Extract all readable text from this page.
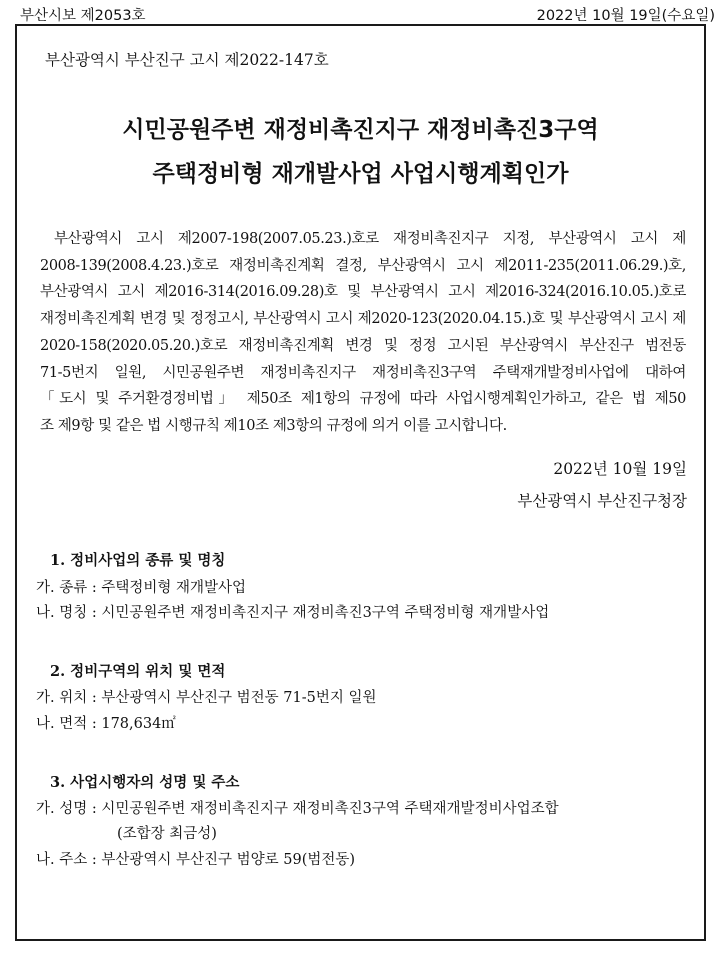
부산시보 제2053호	2022년 10월 19일(수요일)
부산광역시 부산진구 고시 제2022-147호
시민공원주변 재정비촉진지구 재정비촉진3구역
주택정비형 재개발사업 사업시행계획인가
부산광역시 고시 제2007-198(2007.05.23.)호로 재정비촉진지구 지정, 부산광역시 고시 제
2008-139(2008.4.23.)호로 재정비촉진계획 결정, 부산광역시 고시 제2011-235(2011.06.29.)호,
부산광역시 고시 제2016-314(2016.09.28)호 및 부산광역시 고시 제2016-324(2016.10.05.)호로
재정비촉진계획 변경 및 정정고시, 부산광역시 고시 제2020-123(2020.04.15.)호 및 부산광역시 고시 제
2020-158(2020.05.20.)호로 재정비촉진계획 변경 및 정정 고시된 부산광역시 부산진구 범전동
71-5번지 일원, 시민공원주변 재정비촉진지구 재정비촉진3구역 주택재개발정비사업에 대하여
「도시 및 주거환경정비법」 제50조 제1항의 규정에 따라 사업시행계획인가하고, 같은 법 제50
조 제9항 및 같은 법 시행규칙 제10조 제3항의 규정에 의거 이를 고시합니다.
2022년 10월 19일
부산광역시 부산진구청장
1. 정비사업의 종류 및 명칭
가. 종류 : 주택정비형 재개발사업
나. 명칭 : 시민공원주변 재정비촉진지구 재정비촉진3구역 주택정비형 재개발사업
2. 정비구역의 위치 및 면적
가. 위치 : 부산광역시 부산진구 범전동 71-5번지 일원
나. 면적 : 178,634㎡
3. 사업시행자의 성명 및 주소
가. 성명 : 시민공원주변 재정비촉진지구 재정비촉진3구역 주택재개발정비사업조합
(조합장 최금성)
나. 주소 : 부산광역시 부산진구 범양로 59(범전동)
